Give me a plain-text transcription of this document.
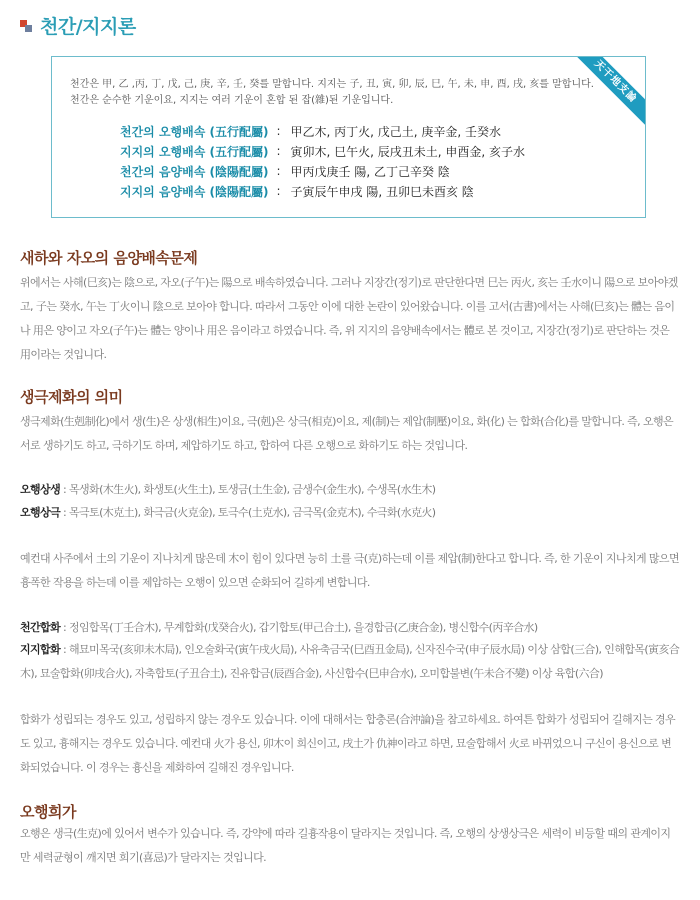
천간/지지론
天干地支論

천간은 甲, 乙 ,丙, 丁, 戊, 己, 庚, 辛, 壬, 癸를 말합니다. 지지는 子, 丑, 寅, 卯, 辰, 巳, 午, 未, 申, 酉, 戌, 亥를 말합니다. 천간은 순수한 기운이요, 지지는 여러 기운이 혼합 된 잡(雜)된 기운입니다.

천간의 오행배속 (五行配屬)	:	甲乙木, 丙丁火, 戊己土, 庚辛金, 壬癸水
지지의 오행배속 (五行配屬)	:	寅卯木, 巳午火, 辰戌丑未土, 申酉金, 亥子水
천간의 음양배속 (陰陽配屬)	:	甲丙戊庚壬 陽, 乙丁己辛癸 陰
지지의 음양배속 (陰陽配屬)	:	子寅辰午申戌 陽, 丑卯巳未酉亥 陰
새하와 자오의 음양배속문제

위에서는 사해(巳亥)는 陰으로, 자오(子午)는 陽으로 배속하였습니다. 그러나 지장간(정기)로 판단한다면 巳는 丙火, 亥는 壬水이니 陽으로 보아야겠고, 子는 癸水, 午는 丁火이니 陰으로 보아야 합니다. 따라서 그동안 이에 대한 논란이 있어왔습니다. 이를 고서(古書)에서는 사해(巳亥)는 體는 음이나 用은 양이고 자오(子午)는 體는 양이나 用은 음이라고 하였습니다. 즉, 위 지지의 음양배속에서는 體로 본 것이고, 지장간(정기)로 판단하는 것은 用이라는 것입니다.

생극제화의 의미

생극제화(生剋制化)에서 생(生)은 상생(相生)이요, 극(剋)은 상극(相克)이요, 제(制)는 제압(制壓)이요, 화(化) 는 합화(合化)를 말합니다. 즉, 오행은 서로 생하기도 하고, 극하기도 하며, 제압하기도 하고, 합하여 다른 오행으로 화하기도 하는 것입니다.

오행상생 : 목생화(木生火), 화생토(火生土), 토생금(土生金), 금생수(金生水), 수생목(水生木)

오행상극 : 목극토(木克土), 화극금(火克金), 토극수(土克水), 금극목(金克木), 수극화(水克火)

예컨대 사주에서 土의 기운이 지나치게 많은데 木이 힘이 있다면 능히 土를 극(克)하는데 이를 제압(制)한다고 합니다. 즉, 한 기운이 지나치게 많으면 흉폭한 작용을 하는데 이를 제압하는 오행이 있으면 순화되어 길하게 변합니다.

천간합화 : 정임합목(丁壬合木), 무계합화(戊癸合火), 갑기합토(甲己合土), 을경합금(乙庚合金), 병신합수(丙辛合水)

지지합화 : 해묘미목국(亥卯未木局), 인오술화국(寅午戌火局), 사유축금국(巳酉丑金局), 신자진수국(申子辰水局) 이상 삼합(三合), 인해합목(寅亥合木), 묘술합화(卯戌合火), 자축합토(子丑合土), 진유합금(辰酉合金), 사신합수(巳申合水), 오미합불변(午未合不變) 이상 육합(六合)

합화가 성립되는 경우도 있고, 성립하지 않는 경우도 있습니다. 이에 대해서는 합충론(合沖論)을 참고하세요. 하여튼 합화가 성립되어 길해지는 경우도 있고, 흉해지는 경우도 있습니다. 예컨대 火가 용신, 卯木이 희신이고, 戌土가 仇神이라고 하면, 묘술합해서 火로 바뀌었으니 구신이 용신으로 변화되었습니다. 이 경우는 흉신을 제화하여 길해진 경우입니다.

오행희가

오행은 생극(生克)에 있어서 변수가 있습니다. 즉, 강약에 따라 길흉작용이 달라지는 것입니다. 즉, 오행의 상생상극은 세력이 비등할 때의 관계이지만 세력균형이 깨지면 희기(喜忌)가 달라지는 것입니다.
